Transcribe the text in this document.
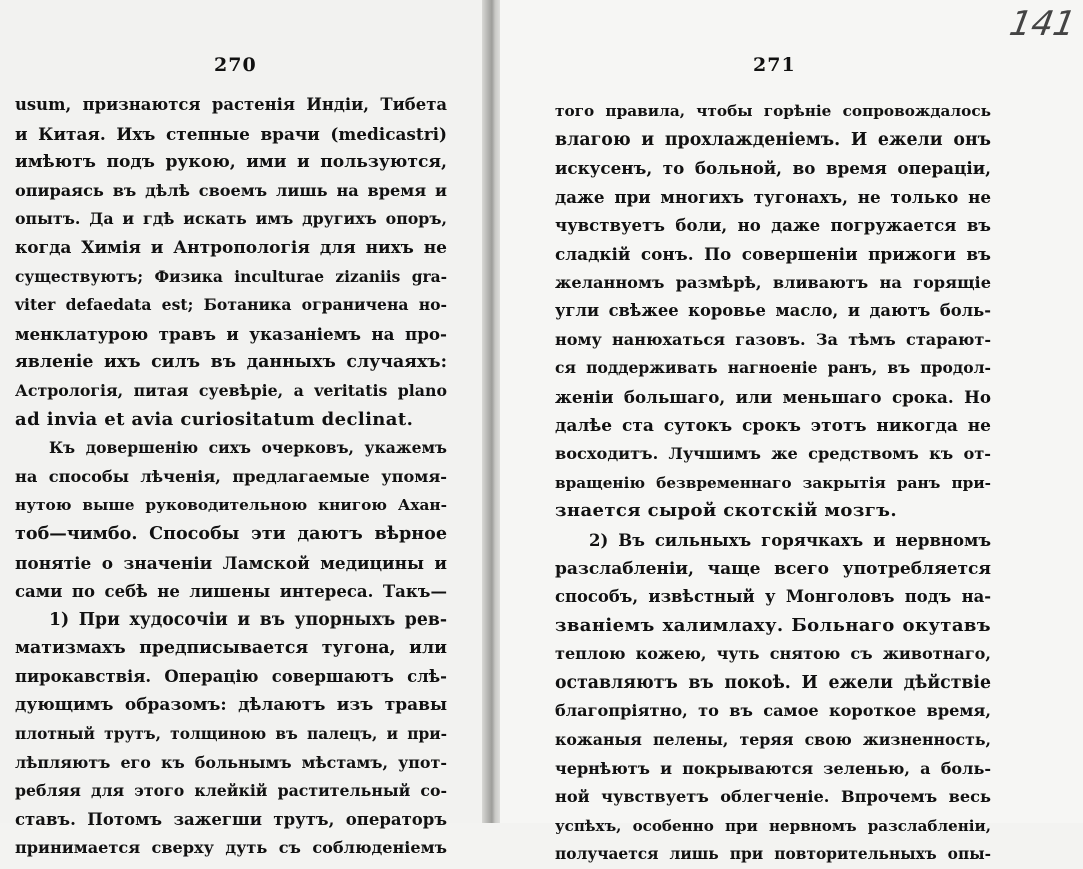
270
usum, признаются растенія Индіи, Тибета
и Китая. Ихъ степные врачи (medicastri)
имѣютъ подъ рукою, ими и пользуются,
опираясь въ дѣлѣ своемъ лишь на время и
опытъ. Да и гдѣ искать имъ другихъ опоръ,
когда Химія и Антропологія для нихъ не
существуютъ; Физика inculturae zizaniis gra-
viter defaedata est; Ботаника ограничена но-
менклатурою травъ и указаніемъ на про-
явленіе ихъ силъ въ данныхъ случаяхъ:
Астрологія, питая суевѣріе, a veritatis plano
ad invia et avia curiositatum declinat.
Къ довершенію сихъ очерковъ, укажемъ
на способы лѣченія, предлагаемые упомя-
нутою выше руководительною книгою Ахан-
тоб—чимбо. Способы эти даютъ вѣрное
понятіе о значеніи Ламской медицины и
сами по себѣ не лишены интереса. Такъ—
1) При худосочіи и въ упорныхъ рев-
матизмахъ предписывается тугона, или
пирокавствія. Операцію совершаютъ слѣ-
дующимъ образомъ: дѣлаютъ изъ травы
плотный трутъ, толщиною въ палецъ, и при-
лѣпляютъ его къ больнымъ мѣстамъ, упот-
ребляя для этого клейкій растительный со-
ставъ. Потомъ зажегши трутъ, операторъ
принимается сверху дуть съ соблюденіемъ
271
141
того правила, чтобы горѣніе сопровождалось
влагою и прохлажденіемъ. И ежели онъ
искусенъ, то больной, во время операціи,
даже при многихъ тугонахъ, не только не
чувствуетъ боли, но даже погружается въ
сладкій сонъ. По совершеніи прижоги въ
желанномъ размѣрѣ, вливаютъ на горящіе
угли свѣжее коровье масло, и даютъ боль-
ному нанюхаться газовъ. За тѣмъ старают-
ся поддерживать нагноеніе ранъ, въ продол-
женіи большаго, или меньшаго срока. Но
далѣе ста сутокъ срокъ этотъ никогда не
восходитъ. Лучшимъ же средствомъ къ от-
вращенію безвременнаго закрытія ранъ при-
знается сырой скотскій мозгъ.
2) Въ сильныхъ горячкахъ и нервномъ
разслабленіи, чаще всего употребляется
способъ, извѣстный у Монголовъ подъ на-
званіемъ халимлаху. Больнаго окутавъ
теплою кожею, чуть снятою съ животнаго,
оставляютъ въ покоѣ. И ежели дѣйствіе
благопріятно, то въ самое короткое время,
кожаныя пелены, теряя свою жизненность,
чернѣютъ и покрываются зеленью, а боль-
ной чувствуетъ облегченіе. Впрочемъ весь
успѣхъ, особенно при нервномъ разслабленіи,
получается лишь при повторительныхъ опы-
